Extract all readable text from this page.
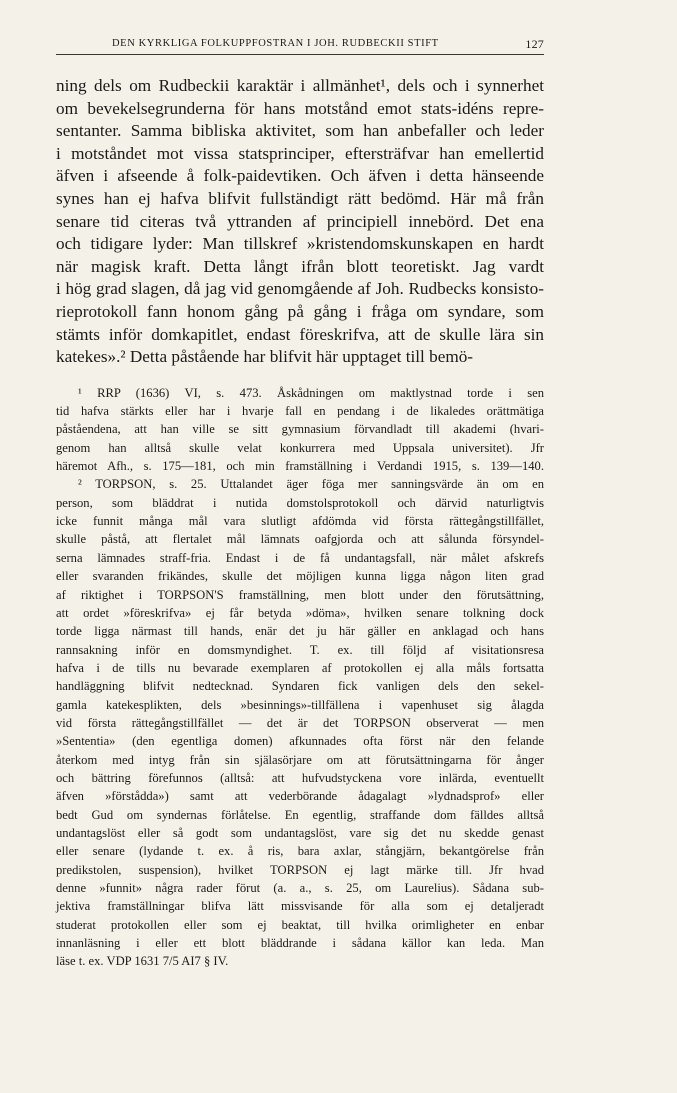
DEN KYRKLIGA FOLKUPPFOSTRAN I JOH. RUDBECKII STIFT	127
ning dels om Rudbeckii karaktär i allmänhet¹, dels och i synnerhet
om bevekelsegrunderna för hans motstånd emot stats-idéns repre-
sentanter. Samma bibliska aktivitet, som han anbefaller och leder
i motståndet mot vissa statsprinciper, eftersträfvar han emellertid
äfven i afseende å folk-paidevtiken. Och äfven i detta hänseende
synes han ej hafva blifvit fullständigt rätt bedömd. Här må från
senare tid citeras två yttranden af principiell innebörd. Det ena
och tidigare lyder: Man tillskref »kristendomskunskapen en hardt
när magisk kraft. Detta långt ifrån blott teoretiskt. Jag vardt
i hög grad slagen, då jag vid genomgående af Joh. Rudbecks konsisto-
rieprotokoll fann honom gång på gång i fråga om syndare, som
stämts inför domkapitlet, endast föreskrifva, att de skulle lära sin
katekes».² Detta påstående har blifvit här upptaget till bemö-
¹ RRP (1636) VI, s. 473. Åskådningen om maktlystnad torde i sen
tid hafva stärkts eller har i hvarje fall en pendang i de likaledes orättmätiga
påståendena, att han ville se sitt gymnasium förvandladt till akademi (hvari-
genom han alltså skulle velat konkurrera med Uppsala universitet). Jfr
häremot Afh., s. 175—181, och min framställning i Verdandi 1915, s. 139—140.
² TORPSON, s. 25. Uttalandet äger föga mer sanningsvärde än om en
person, som bläddrat i nutida domstolsprotokoll och därvid naturligtvis
icke funnit många mål vara slutligt afdömda vid första rättegångstillfället,
skulle påstå, att flertalet mål lämnats oafgjorda och att sålunda försyndel-
serna lämnades straff-fria. Endast i de få undantagsfall, när målet afskrefs
eller svaranden frikändes, skulle det möjligen kunna ligga någon liten grad
af riktighet i TORPSON'S framställning, men blott under den förutsättning,
att ordet »föreskrifva» ej får betyda »döma», hvilken senare tolkning dock
torde ligga närmast till hands, enär det ju här gäller en anklagad och hans
rannsakning inför en domsmyndighet. T. ex. till följd af visitationsresa
hafva i de tills nu bevarade exemplaren af protokollen ej alla måls fortsatta
handläggning blifvit nedtecknad. Syndaren fick vanligen dels den sekel-
gamla katekesplikten, dels »besinnings»-tillfällena i vapenhuset sig ålagda
vid första rättegångstillfället — det är det TORPSON observerat — men
»Sententia» (den egentliga domen) afkunnades ofta först när den felande
återkom med intyg från sin själasörjare om att förutsättningarna för ånger
och bättring förefunnos (alltså: att hufvudstyckena vore inlärda, eventuellt
äfven »förstådda») samt att vederbörande ådagalagt »lydnadsprof» eller
bedt Gud om syndernas förlåtelse. En egentlig, straffande dom fälldes alltså
undantagslöst eller så godt som undantagslöst, vare sig det nu skedde genast
eller senare (lydande t. ex. å ris, bara axlar, stångjärn, bekantgörelse från
predikstolen, suspension), hvilket TORPSON ej lagt märke till. Jfr hvad
denne »funnit» några rader förut (a. a., s. 25, om Laurelius). Sådana sub-
jektiva framställningar blifva lätt missvisande för alla som ej detaljeradt
studerat protokollen eller som ej beaktat, till hvilka orimligheter en enbar
innanläsning i eller ett blott bläddrande i sådana källor kan leda. Man
läse t. ex. VDP 1631 7/5 AI7 § IV.
